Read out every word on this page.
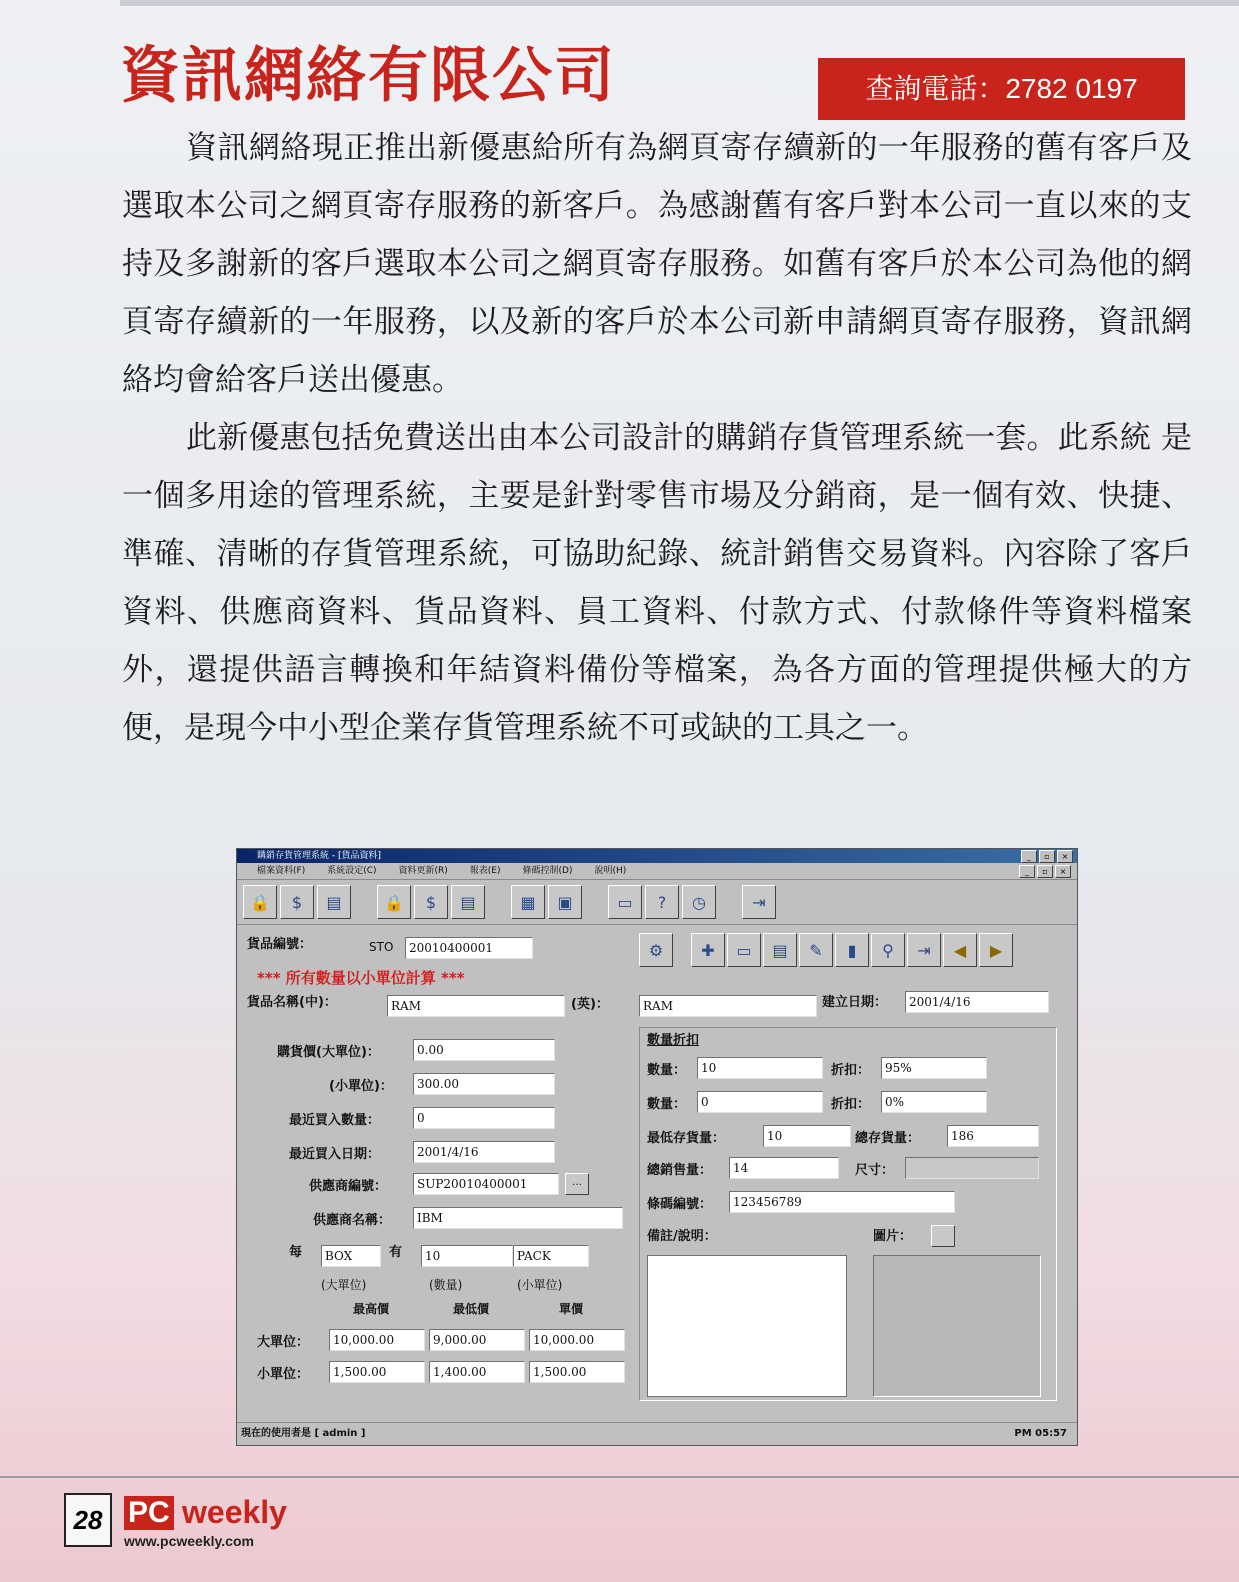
資訊網絡有限公司	查詢電話：2782 0197

資訊網絡現正推出新優惠給所有為網頁寄存續新的一年服務的舊有客戶及選取本公司之網頁寄存服務的新客戶。為感謝舊有客戶對本公司一直以來的支持及多謝新的客戶選取本公司之網頁寄存服務。如舊有客戶於本公司為他的網頁寄存續新的一年服務，以及新的客戶於本公司新申請網頁寄存服務，資訊網絡均會給客戶送出優惠。

此新優惠包括免費送出由本公司設計的購銷存貨管理系統一套。此系統 是一個多用途的管理系統，主要是針對零售市場及分銷商，是一個有效、快捷、準確、清晰的存貨管理系統，可協助紀錄、統計銷售交易資料。內容除了客戶資料、供應商資料、貨品資料、員工資料、付款方式、付款條件等資料檔案外，還提供語言轉換和年結資料備份等檔案，為各方面的管理提供極大的方便，是現今中小型企業存貨管理系統不可或缺的工具之一。

購銷存貨管理系統 - [貨品資料]	_	▫	×
檔案資料(F) 系統設定(C) 資料更新(R) 報表(E) 條碼控制(D) 說明(H)	_	▫	×
🔒	$	▤	🔒	$	▤	▦	▣	▭	?	◷	⇥
貨品編號：	STO	20010400001
*** 所有數量以小單位計算 ***
貨品名稱(中)：	RAM	(英)：	RAM	建立日期：	2001/4/16
⚙	✚	▭	▤	✎	▮	⚲	⇥	◀	▶
購貨價(大單位)：	0.00
(小單位)：	300.00
最近買入數量：	0
最近買入日期：	2001/4/16
供應商編號：	SUP20010400001	…
供應商名稱：	IBM
每	BOX	有	10	PACK
(大單位)	(數量)	(小單位)
最高價	最低價	單價
大單位：	10,000.00	9,000.00	10,000.00
小單位：	1,500.00	1,400.00	1,500.00
數量折扣
數量：	10	折扣：	95%
數量：	0	折扣：	0%
最低存貨量：	10	總存貨量：	186
總銷售量：	14	尺寸：
條碼編號：	123456789
備註/說明：	圖片：
現在的使用者是 [ admin ]	PM 05:57
28 PC weekly
www.pcweekly.com
